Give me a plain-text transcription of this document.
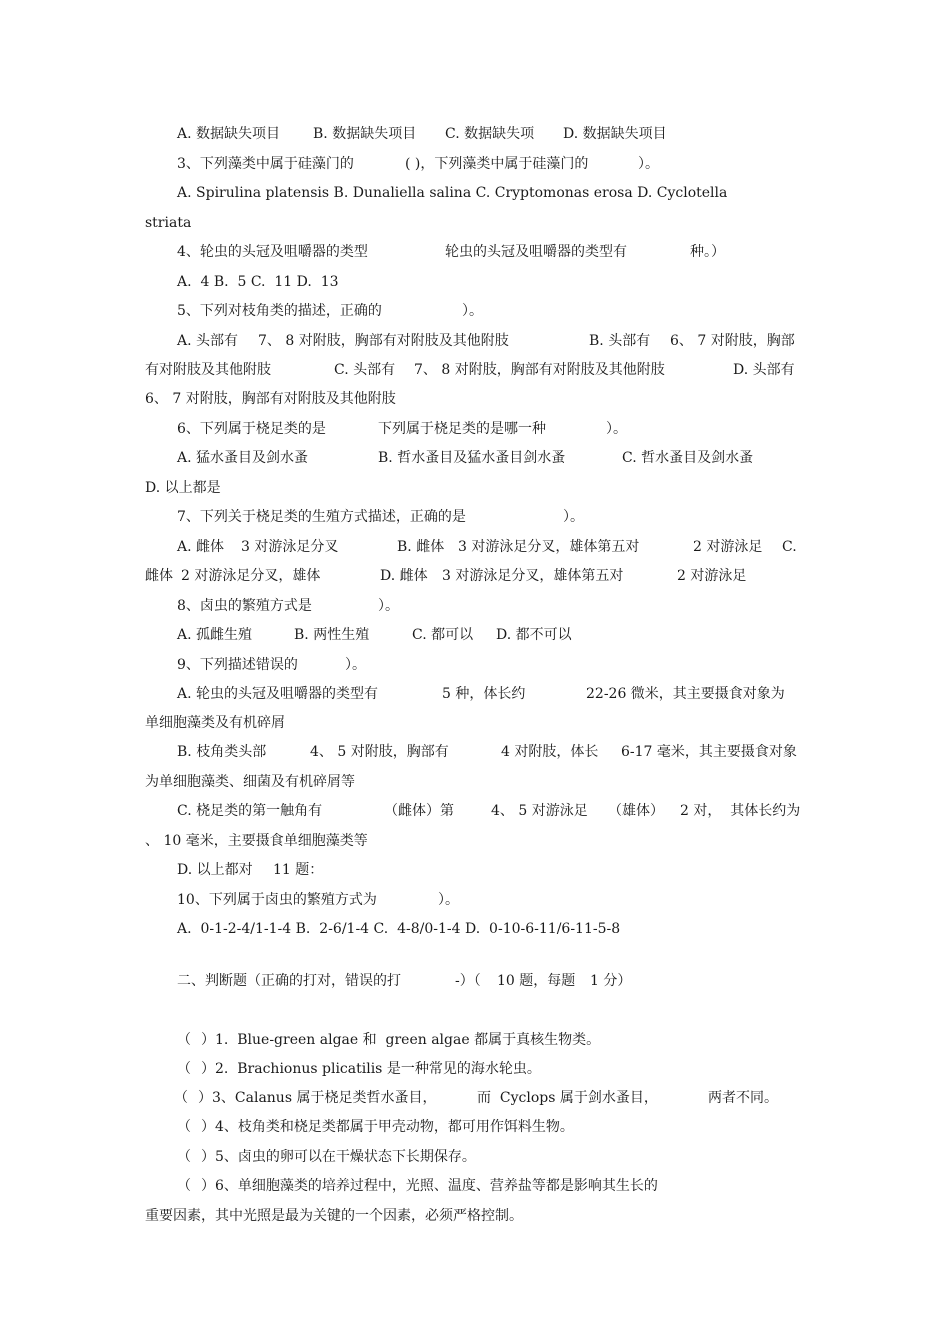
A. 数据缺失项目

B. 数据缺失项目

C. 数据缺失项

D. 数据缺失项目

3、下列藻类中属于硅藻门的

	( )，下列藻类中属于硅藻门的

	）。

A. Spirulina platensis B. Dunaliella salina C. Cryptomonas erosa D. Cyclotella

striata

4、轮虫的头冠及咀嚼器的类型

	轮虫的头冠及咀嚼器的类型有

	种。）

A.  4 B.  5 C.  11 D.  13

5、下列对枝角类的描述，正确的

	）。

A. 头部有

7、 8 对附肢，胸部有对附肢及其他附肢

	B. 头部有

6、 7 对附肢，胸部

有对附肢及其他附肢

	C. 头部有

7、 8 对附肢，胸部有对附肢及其他附肢

	D. 头部有

6、 7 对附肢，胸部有对附肢及其他附肢

6、下列属于桡足类的是

	下列属于桡足类的是哪一种

	）。

A. 猛水蚤目及剑水蚤

	B. 哲水蚤目及猛水蚤目剑水蚤

	C. 哲水蚤目及剑水蚤

D. 以上都是

7、下列关于桡足类的生殖方式描述，正确的是

	）。

A. 雌体

3 对游泳足分叉

	B. 雌体

3 对游泳足分叉，雄体第五对

	2 对游泳足

C.

雌体

2 对游泳足分叉，雄体

	D. 雌体

3 对游泳足分叉，雄体第五对

	2 对游泳足

8、卤虫的繁殖方式是

	）。

A. 孤雌生殖

	B. 两性生殖

	C. 都可以

D. 都不可以

9、下列描述错误的

	）。

A. 轮虫的头冠及咀嚼器的类型有

	5 种，体长约

	22-26 微米，其主要摄食对象为

单细胞藻类及有机碎屑

B. 枝角类头部

	4、 5 对附肢，胸部有

	4 对附肢，体长

6-17 毫米，其主要摄食对象

为单细胞藻类、细菌及有机碎屑等

C. 桡足类的第一触角有

	（雌体）第

	4、 5 对游泳足

（雄体）

2 对，  其体长约为

、 10 毫米，主要摄食单细胞藻类等

D. 以上都对

11 题：

10、下列属于卤虫的繁殖方式为

	）。

A.  0-1-2-4/1-1-4 B.  2-6/1-4 C.  4-8/0-1-4 D.  0-10-6-11/6-11-5-8

二、判断题（正确的打对，错误的打

	-）（

10 题，每题

1 分）

（

）1.  Blue-green algae 和  green algae 都属于真核生物类。

（

）2.  Brachionus plicatilis 是一种常见的海水轮虫。

（

）3、Calanus 属于桡足类哲水蚤目，

	而  Cyclops 属于剑水蚤目，

	两者不同。

（

）4、枝角类和桡足类都属于甲壳动物，都可用作饵料生物。

（

）5、卤虫的卵可以在干燥状态下长期保存。

（

）6、单细胞藻类的培养过程中，光照、温度、营养盐等都是影响其生长的

重要因素，其中光照是最为关键的一个因素，必须严格控制。
